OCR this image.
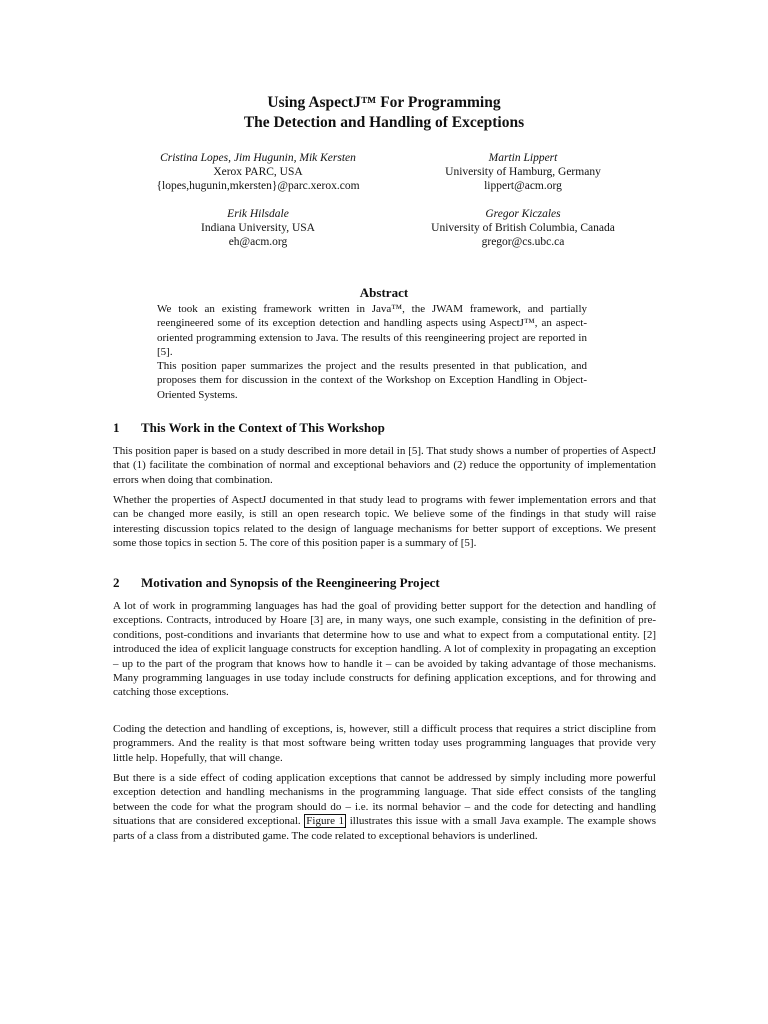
Using AspectJ™ For Programming
The Detection and Handling of Exceptions
Cristina Lopes, Jim Hugunin, Mik Kersten
Xerox PARC, USA
{lopes,hugunin,mkersten}@parc.xerox.com
Martin Lippert
University of Hamburg, Germany
lippert@acm.org
Erik Hilsdale
Indiana University, USA
eh@acm.org
Gregor Kiczales
University of British Columbia, Canada
gregor@cs.ubc.ca
Abstract

We took an existing framework written in Java™, the JWAM framework, and partially reengineered some of its exception detection and handling aspects using AspectJ™, an aspect-oriented programming extension to Java. The results of this reengineering project are reported in [5].

This position paper summarizes the project and the results presented in that publication, and proposes them for discussion in the context of the Workshop on Exception Handling in Object-Oriented Systems.

1 This Work in the Context of This Workshop

This position paper is based on a study described in more detail in [5]. That study shows a number of properties of AspectJ that (1) facilitate the combination of normal and exceptional behaviors and (2) reduce the opportunity of implementation errors when doing that combination.

Whether the properties of AspectJ documented in that study lead to programs with fewer implementation errors and that can be changed more easily, is still an open research topic. We believe some of the findings in that study will raise interesting discussion topics related to the design of language mechanisms for better support of exceptions. We present some those topics in section 5. The core of this position paper is a summary of [5].

2 Motivation and Synopsis of the Reengineering Project

A lot of work in programming languages has had the goal of providing better support for the detection and handling of exceptions. Contracts, introduced by Hoare [3] are, in many ways, one such example, consisting in the definition of pre-conditions, post-conditions and invariants that determine how to use and what to expect from a computational entity. [2] introduced the idea of explicit language constructs for exception handling. A lot of complexity in propagating an exception – up to the part of the program that knows how to handle it – can be avoided by taking advantage of those mechanisms. Many programming languages in use today include constructs for defining application exceptions, and for throwing and catching those exceptions.

Coding the detection and handling of exceptions, is, however, still a difficult process that requires a strict discipline from programmers. And the reality is that most software being written today uses programming languages that provide very little help. Hopefully, that will change.

But there is a side effect of coding application exceptions that cannot be addressed by simply including more powerful exception detection and handling mechanisms in the programming language. That side effect consists of the tangling between the code for what the program should do – i.e. its normal behavior – and the code for detecting and handling situations that are considered exceptional. Figure 1 illustrates this issue with a small Java example. The example shows parts of a class from a distributed game. The code related to exceptional behaviors is underlined.
